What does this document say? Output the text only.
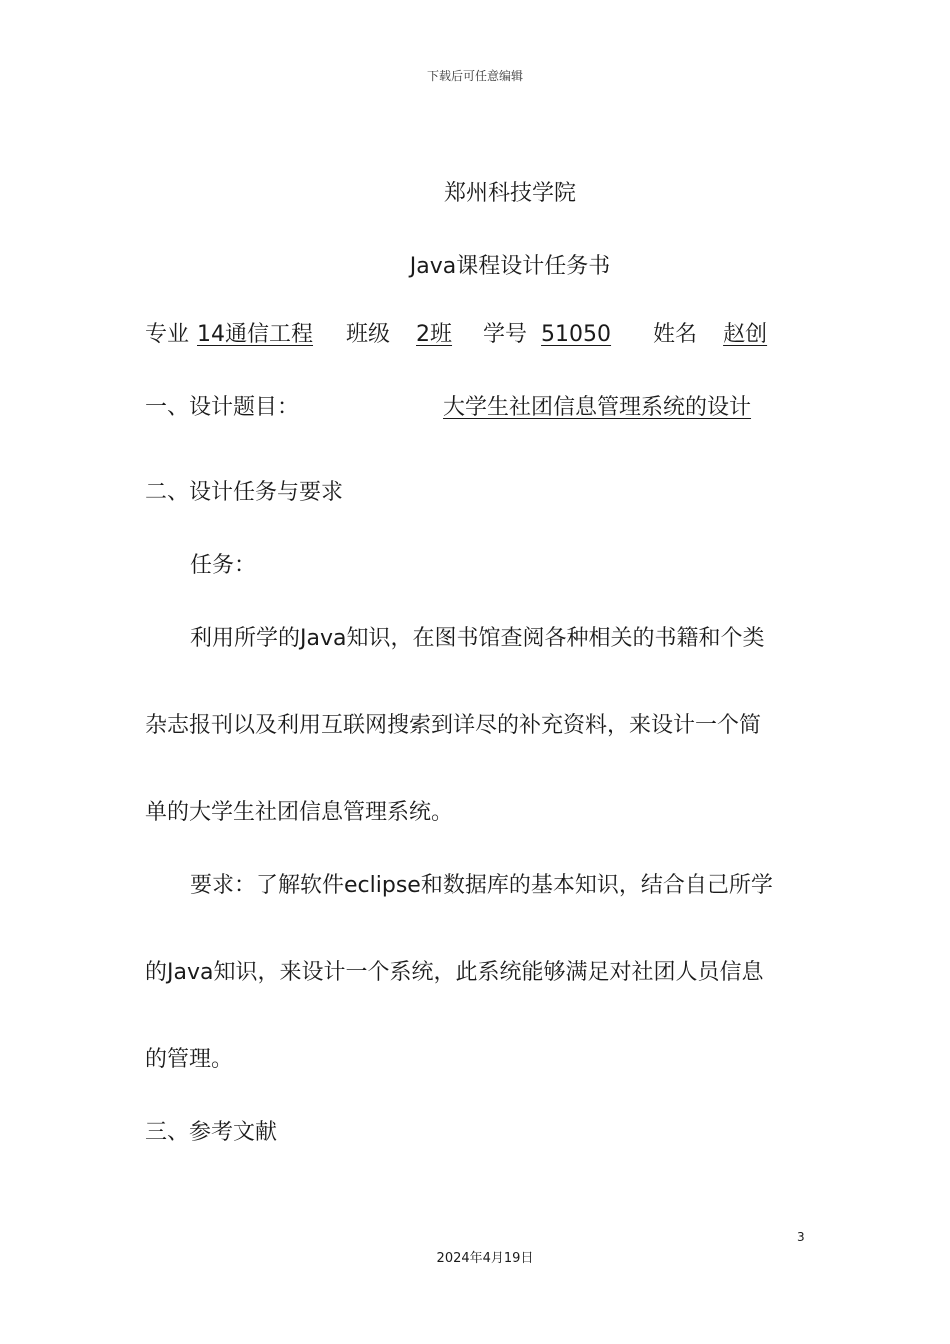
下载后可任意编辑
郑州科技学院
Java课程设计任务书
专业 14通信工程 班级 2班 学号 51050 姓名 赵创
一、设计题目：	大学生社团信息管理系统的设计
二、设计任务与要求
任务：
利用所学的Java知识，在图书馆查阅各种相关的书籍和个类
杂志报刊以及利用互联网搜索到详尽的补充资料，来设计一个简
单的大学生社团信息管理系统。
要求：了解软件eclipse和数据库的基本知识，结合自己所学
的Java知识，来设计一个系统，此系统能够满足对社团人员信息
的管理。
三、参考文献
3
2024年4月19日
